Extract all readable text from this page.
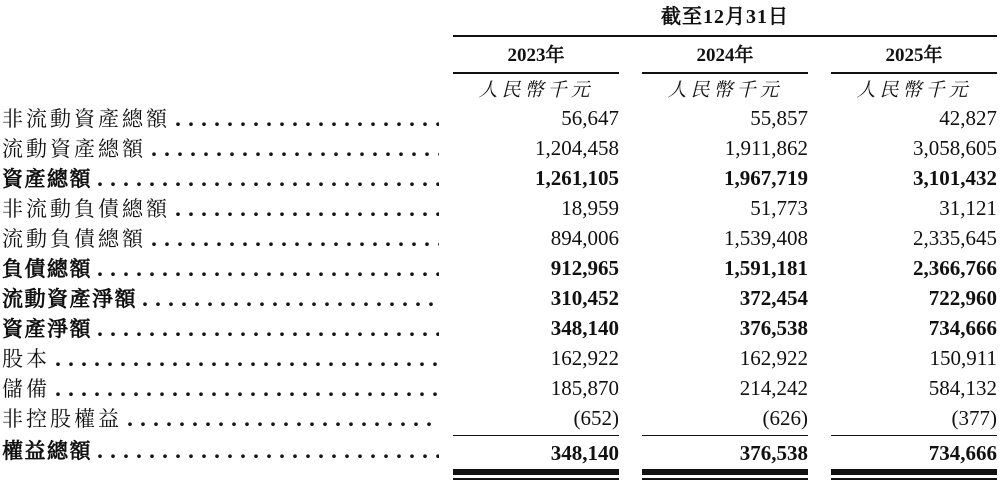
截至12月31日
2023年	2024年	2025年
人民幣千元	人民幣千元	人民幣千元
非流動資產總額	56,647	55,857	42,827
流動資產總額	1,204,458	1,911,862	3,058,605
資產總額	1,261,105	1,967,719	3,101,432
非流動負債總額	18,959	51,773	31,121
流動負債總額	894,006	1,539,408	2,335,645
負債總額	912,965	1,591,181	2,366,766
流動資產淨額	310,452	372,454	722,960
資產淨額	348,140	376,538	734,666
股本	162,922	162,922	150,911
儲備	185,870	214,242	584,132
非控股權益	(652)	(626)	(377)
權益總額	348,140	376,538	734,666
